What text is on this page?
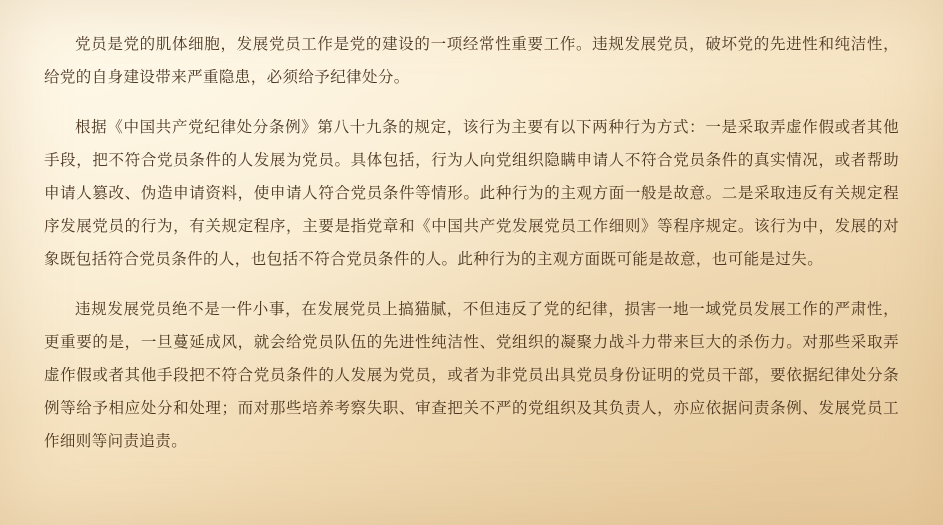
党员是党的肌体细胞，发展党员工作是党的建设的一项经常性重要工作。违规发展党员，破坏党的先进性和纯洁性，给党的自身建设带来严重隐患，必须给予纪律处分。

根据《中国共产党纪律处分条例》第八十九条的规定，该行为主要有以下两种行为方式：一是采取弄虚作假或者其他手段，把不符合党员条件的人发展为党员。具体包括，行为人向党组织隐瞒申请人不符合党员条件的真实情况，或者帮助申请人篡改、伪造申请资料，使申请人符合党员条件等情形。此种行为的主观方面一般是故意。二是采取违反有关规定程序发展党员的行为，有关规定程序，主要是指党章和《中国共产党发展党员工作细则》等程序规定。该行为中，发展的对象既包括符合党员条件的人，也包括不符合党员条件的人。此种行为的主观方面既可能是故意，也可能是过失。

违规发展党员绝不是一件小事，在发展党员上搞猫腻，不但违反了党的纪律，损害一地一域党员发展工作的严肃性，更重要的是，一旦蔓延成风，就会给党员队伍的先进性纯洁性、党组织的凝聚力战斗力带来巨大的杀伤力。对那些采取弄虚作假或者其他手段把不符合党员条件的人发展为党员，或者为非党员出具党员身份证明的党员干部，要依据纪律处分条例等给予相应处分和处理；而对那些培养考察失职、审查把关不严的党组织及其负责人，亦应依据问责条例、发展党员工作细则等问责追责。
